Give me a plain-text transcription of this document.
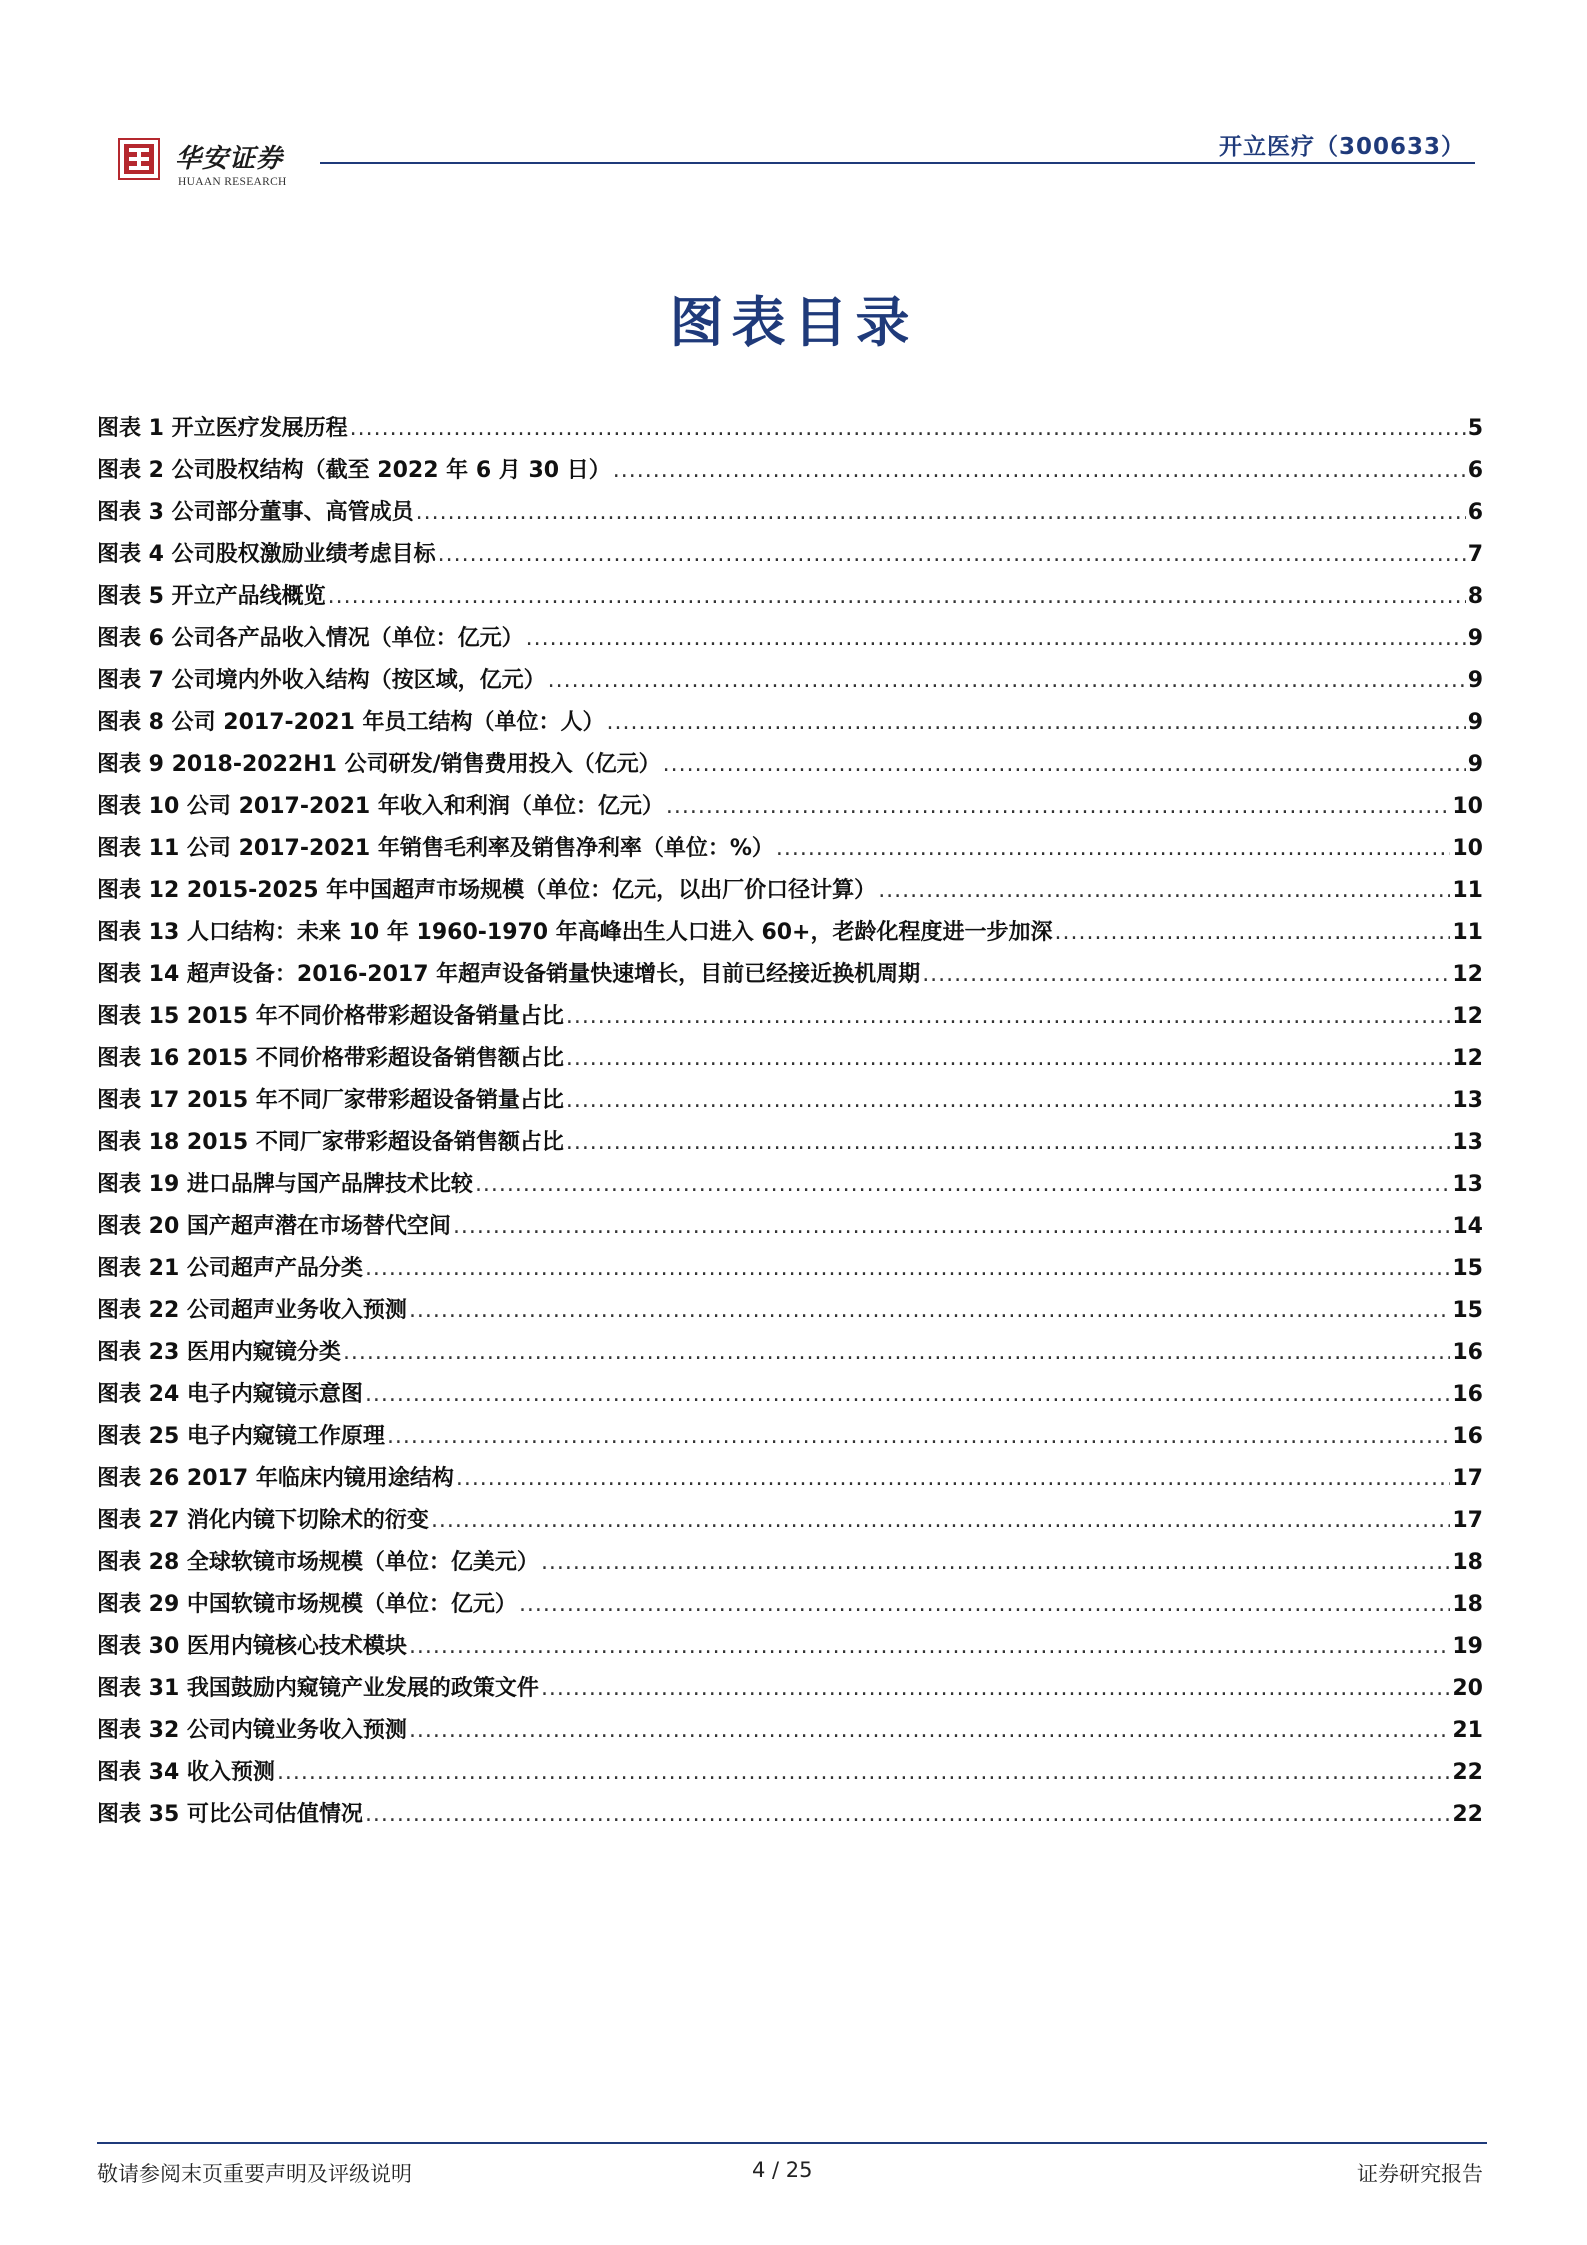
华安证券
HUAAN RESEARCH
开立医疗（300633）
图表目录
图表 1 开立医疗发展历程 .....	5
图表 2 公司股权结构（截至 2022 年 6 月 30 日） .....	6
图表 3 公司部分董事、高管成员 .....	6
图表 4 公司股权激励业绩考虑目标 .....	7
图表 5 开立产品线概览 .....	8
图表 6 公司各产品收入情况（单位：亿元） .....	9
图表 7 公司境内外收入结构（按区域，亿元） .....	9
图表 8 公司 2017-2021 年员工结构（单位：人） .....	9
图表 9 2018-2022H1 公司研发/销售费用投入（亿元） .....	9
图表 10 公司 2017-2021 年收入和利润（单位：亿元） .....	10
图表 11 公司 2017-2021 年销售毛利率及销售净利率（单位：%） .....	10
图表 12 2015-2025 年中国超声市场规模（单位：亿元，以出厂价口径计算） .....	11
图表 13 人口结构：未来 10 年 1960-1970 年高峰出生人口进入 60+，老龄化程度进一步加深 .....	11
图表 14 超声设备：2016-2017 年超声设备销量快速增长，目前已经接近换机周期 .....	12
图表 15 2015 年不同价格带彩超设备销量占比 .....	12
图表 16 2015 不同价格带彩超设备销售额占比 .....	12
图表 17 2015 年不同厂家带彩超设备销量占比 .....	13
图表 18 2015 不同厂家带彩超设备销售额占比 .....	13
图表 19 进口品牌与国产品牌技术比较 .....	13
图表 20 国产超声潜在市场替代空间 .....	14
图表 21 公司超声产品分类 .....	15
图表 22 公司超声业务收入预测 .....	15
图表 23 医用内窥镜分类 .....	16
图表 24 电子内窥镜示意图 .....	16
图表 25 电子内窥镜工作原理 .....	16
图表 26 2017 年临床内镜用途结构 .....	17
图表 27 消化内镜下切除术的衍变 .....	17
图表 28 全球软镜市场规模（单位：亿美元） .....	18
图表 29 中国软镜市场规模（单位：亿元） .....	18
图表 30 医用内镜核心技术模块 .....	19
图表 31 我国鼓励内窥镜产业发展的政策文件 .....	20
图表 32 公司内镜业务收入预测 .....	21
图表 34 收入预测 .....	22
图表 35 可比公司估值情况 .....	22
敬请参阅末页重要声明及评级说明	4 / 25	证券研究报告
